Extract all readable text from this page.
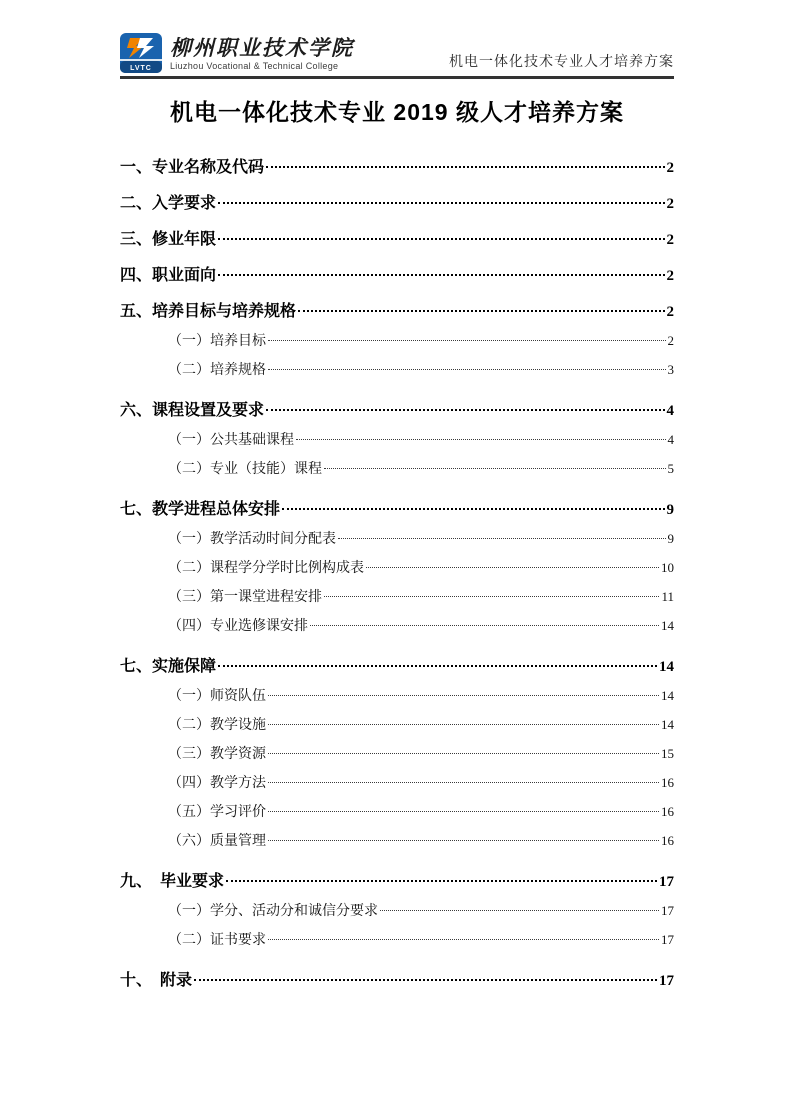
LVTC
柳州职业技术学院
Liuzhou Vocational & Technical College	机电一体化技术专业人才培养方案
机电一体化技术专业 2019 级人才培养方案
一、专业名称及代码	2
二、入学要求	2
三、修业年限	2
四、职业面向	2
五、培养目标与培养规格	2
（一）培养目标	2
（二）培养规格	3
六、课程设置及要求	4
（一）公共基础课程	4
（二）专业（技能）课程	5
七、教学进程总体安排	9
（一）教学活动时间分配表	9
（二）课程学分学时比例构成表	10
（三）第一课堂进程安排	11
（四）专业选修课安排	14
七、实施保障	14
（一）师资队伍	14
（二）教学设施	14
（三）教学资源	15
（四）教学方法	16
（五）学习评价	16
（六）质量管理	16
九、　毕业要求	17
（一）学分、活动分和诚信分要求	17
（二）证书要求	17
十、　附录	17
